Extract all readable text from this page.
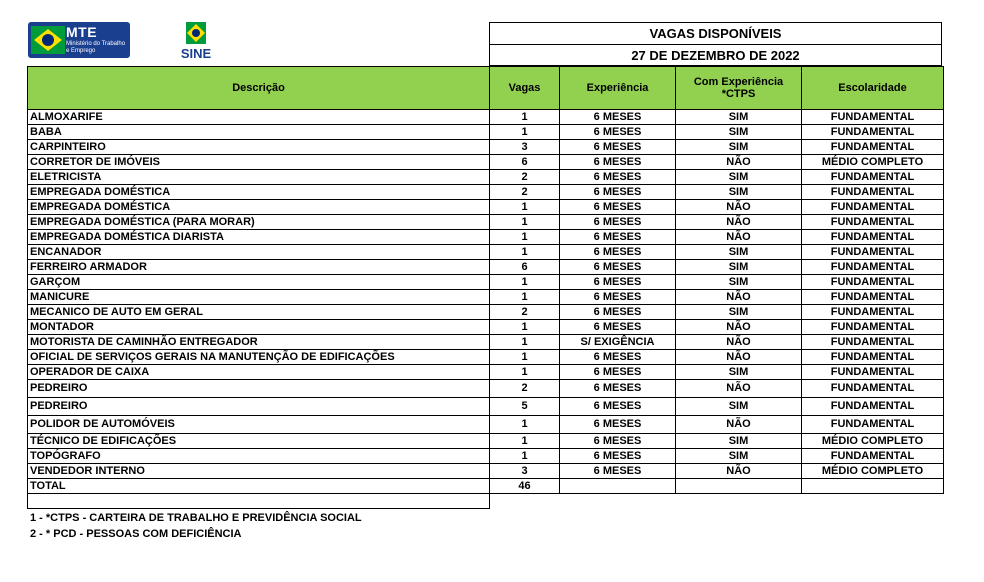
MTE
Ministério do Trabalho e Emprego	SINE
VAGAS DISPONÍVEIS
27 DE DEZEMBRO DE 2022
Descrição	Vagas	Experiência	Com Experiência *CTPS	Escolaridade
ALMOXARIFE	1	6 MESES	SIM	FUNDAMENTAL
BABA	1	6 MESES	SIM	FUNDAMENTAL
CARPINTEIRO	3	6 MESES	SIM	FUNDAMENTAL
CORRETOR DE IMÓVEIS	6	6 MESES	NÃO	MÉDIO COMPLETO
ELETRICISTA	2	6 MESES	SIM	FUNDAMENTAL
EMPREGADA DOMÉSTICA	2	6 MESES	SIM	FUNDAMENTAL
EMPREGADA DOMÉSTICA	1	6 MESES	NÃO	FUNDAMENTAL
EMPREGADA DOMÉSTICA (PARA MORAR)	1	6 MESES	NÃO	FUNDAMENTAL
EMPREGADA DOMÉSTICA DIARISTA	1	6 MESES	NÃO	FUNDAMENTAL
ENCANADOR	1	6 MESES	SIM	FUNDAMENTAL
FERREIRO ARMADOR	6	6 MESES	SIM	FUNDAMENTAL
GARÇOM	1	6 MESES	SIM	FUNDAMENTAL
MANICURE	1	6 MESES	NÃO	FUNDAMENTAL
MECANICO DE AUTO EM GERAL	2	6 MESES	SIM	FUNDAMENTAL
MONTADOR	1	6 MESES	NÃO	FUNDAMENTAL
MOTORISTA DE CAMINHÃO ENTREGADOR	1	S/ EXIGÊNCIA	NÃO	FUNDAMENTAL
OFICIAL DE SERVIÇOS GERAIS NA MANUTENÇÃO DE EDIFICAÇÕES	1	6 MESES	NÃO	FUNDAMENTAL
OPERADOR DE CAIXA	1	6 MESES	SIM	FUNDAMENTAL
PEDREIRO	2	6 MESES	NÃO	FUNDAMENTAL
PEDREIRO	5	6 MESES	SIM	FUNDAMENTAL
POLIDOR DE AUTOMÓVEIS	1	6 MESES	NÃO	FUNDAMENTAL
TÉCNICO DE EDIFICAÇÕES	1	6 MESES	SIM	MÉDIO COMPLETO
TOPÓGRAFO	1	6 MESES	SIM	FUNDAMENTAL
VENDEDOR INTERNO	3	6 MESES	NÃO	MÉDIO COMPLETO
TOTAL	46			

1 - *CTPS - CARTEIRA DE TRABALHO E PREVIDÊNCIA SOCIAL
2 - * PCD - PESSOAS COM DEFICIÊNCIA
